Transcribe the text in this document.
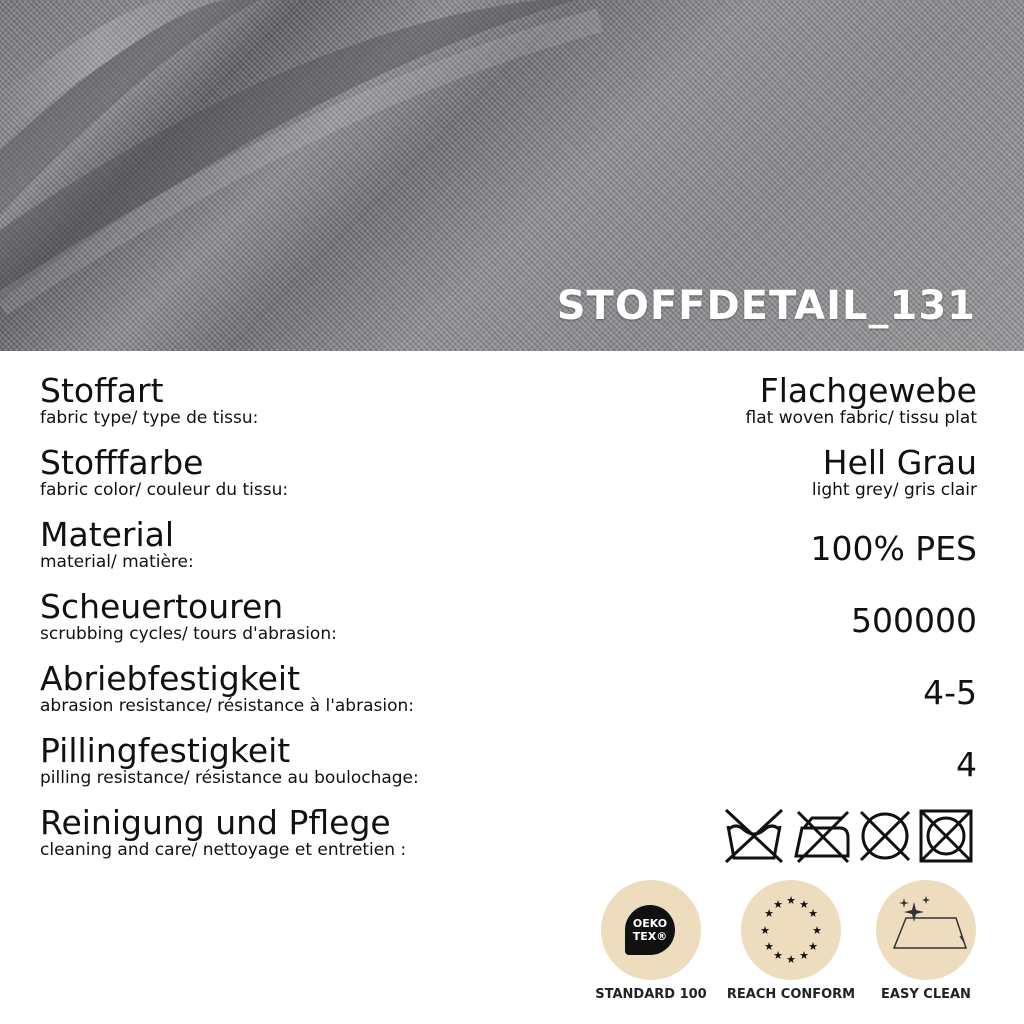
STOFFDETAIL_131
Stoffart
fabric type/ type de tissu:
Flachgewebe
flat woven fabric/ tissu plat
Stofffarbe
fabric color/ couleur du tissu:
Hell Grau
light grey/ gris clair
Material
material/ matière:	100% PES
Scheuertouren
scrubbing cycles/ tours d'abrasion:	500000
Abriebfestigkeit
abrasion resistance/ résistance à l'abrasion:	4-5
Pillingfestigkeit
pilling resistance/ résistance au boulochage:	4
Reinigung und Pflege
cleaning and care/ nettoyage et entretien :
OEKO
TEX®
STANDARD 100
★ ★
★
★
★
★
★
★
★
★
★
★
REACH CONFORM	EASY CLEAN
